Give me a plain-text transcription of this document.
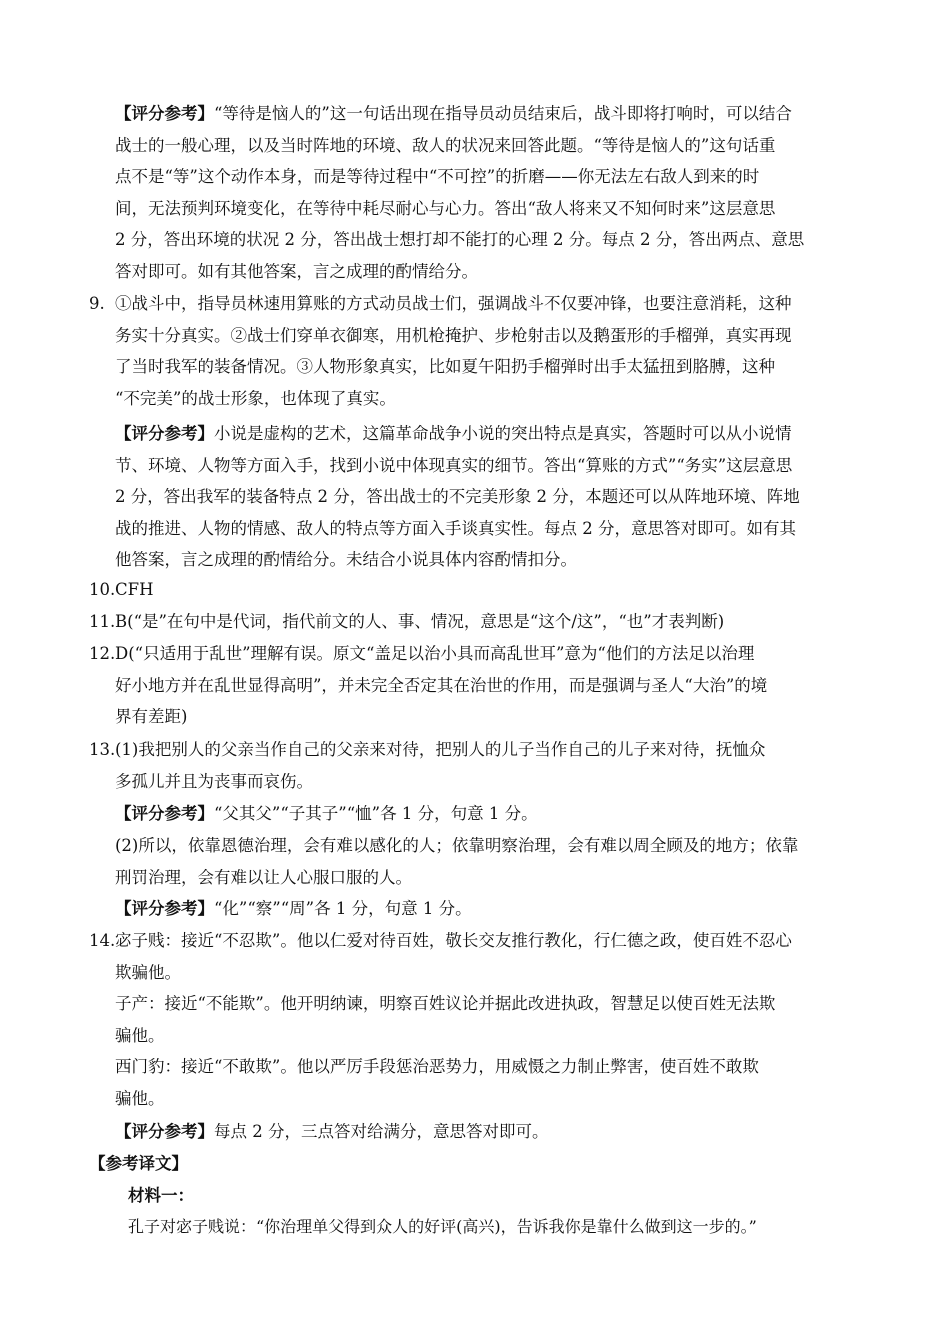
【评分参考】“等待是恼人的”这一句话出现在指导员动员结束后，战斗即将打响时，可以结合
战士的一般心理，以及当时阵地的环境、敌人的状况来回答此题。“等待是恼人的”这句话重
点不是“等”这个动作本身，而是等待过程中“不可控”的折磨——你无法左右敌人到来的时
间，无法预判环境变化，在等待中耗尽耐心与心力。答出“敌人将来又不知何时来”这层意思
2 分，答出环境的状况 2 分，答出战士想打却不能打的心理 2 分。每点 2 分，答出两点、意思
答对即可。如有其他答案，言之成理的酌情给分。
9. ①战斗中，指导员林速用算账的方式动员战士们，强调战斗不仅要冲锋，也要注意消耗，这种
务实十分真实。②战士们穿单衣御寒，用机枪掩护、步枪射击以及鹅蛋形的手榴弹，真实再现
了当时我军的装备情况。③人物形象真实，比如夏午阳扔手榴弹时出手太猛扭到胳膊，这种
“不完美”的战士形象，也体现了真实。
【评分参考】小说是虚构的艺术，这篇革命战争小说的突出特点是真实，答题时可以从小说情
节、环境、人物等方面入手，找到小说中体现真实的细节。答出“算账的方式”“务实”这层意思
2 分，答出我军的装备特点 2 分，答出战士的不完美形象 2 分，本题还可以从阵地环境、阵地
战的推进、人物的情感、敌人的特点等方面入手谈真实性。每点 2 分，意思答对即可。如有其
他答案，言之成理的酌情给分。未结合小说具体内容酌情扣分。
10. CFH
11. B(“是”在句中是代词，指代前文的人、事、情况，意思是“这个/这”，“也”才表判断)
12. D(“只适用于乱世”理解有误。原文“盖足以治小具而高乱世耳”意为“他们的方法足以治理
好小地方并在乱世显得高明”，并未完全否定其在治世的作用，而是强调与圣人“大治”的境
界有差距)
13. (1)我把别人的父亲当作自己的父亲来对待，把别人的儿子当作自己的儿子来对待，抚恤众
多孤儿并且为丧事而哀伤。
【评分参考】“父其父”“子其子”“恤”各 1 分，句意 1 分。
(2)所以，依靠恩德治理，会有难以感化的人；依靠明察治理，会有难以周全顾及的地方；依靠
刑罚治理，会有难以让人心服口服的人。
【评分参考】“化”“察”“周”各 1 分，句意 1 分。
14. 宓子贱：接近“不忍欺”。他以仁爱对待百姓，敬长交友推行教化，行仁德之政，使百姓不忍心
欺骗他。
子产：接近“不能欺”。他开明纳谏，明察百姓议论并据此改进执政，智慧足以使百姓无法欺
骗他。
西门豹：接近“不敢欺”。他以严厉手段惩治恶势力，用威慑之力制止弊害，使百姓不敢欺
骗他。
【评分参考】每点 2 分，三点答对给满分，意思答对即可。
【参考译文】
材料一：
孔子对宓子贱说：“你治理单父得到众人的好评(高兴)，告诉我你是靠什么做到这一步的。”
